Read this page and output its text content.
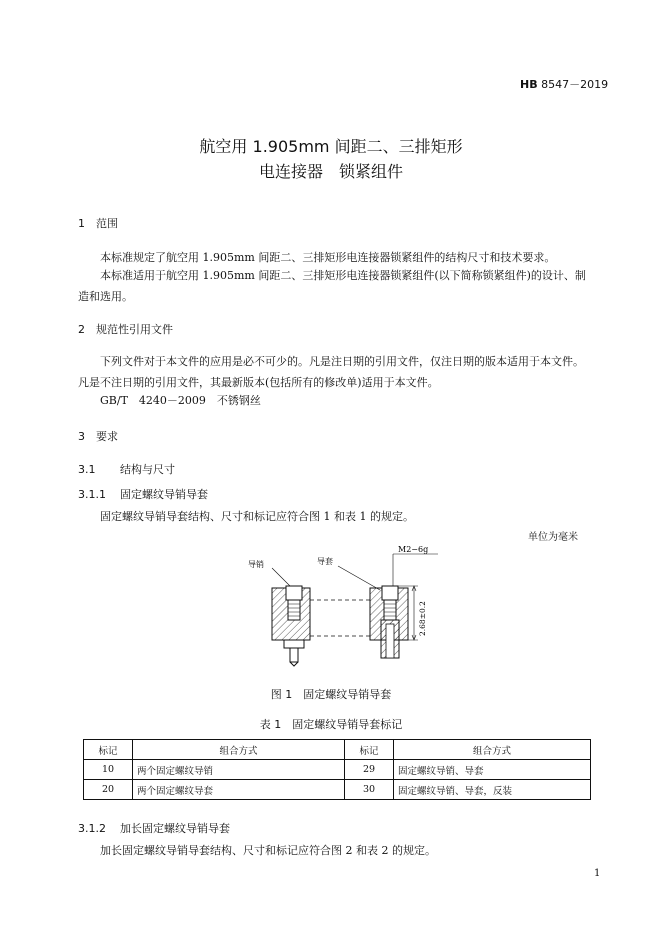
HB 8547－2019
航空用 1.905mm 间距二、三排矩形
电连接器　锁紧组件
1 范围
本标准规定了航空用 1.905mm 间距二、三排矩形电连接器锁紧组件的结构尺寸和技术要求。
本标准适用于航空用 1.905mm 间距二、三排矩形电连接器锁紧组件(以下简称锁紧组件)的设计、制造和选用。
2 规范性引用文件
下列文件对于本文件的应用是必不可少的。凡是注日期的引用文件，仅注日期的版本适用于本文件。凡是不注日期的引用文件，其最新版本(包括所有的修改单)适用于本文件。
GB/T　4240－2009　不锈钢丝
3 要求
3.1 结构与尺寸
3.1.1 固定螺纹导销导套
固定螺纹导销导套结构、尺寸和标记应符合图 1 和表 1 的规定。
单位为毫米
导销	导套
M2−6g
2.68±0.2
图 1　固定螺纹导销导套
表 1　固定螺纹导销导套标记
标记	组合方式	标记	组合方式
10	两个固定螺纹导销	29	固定螺纹导销、导套
20	两个固定螺纹导套	30	固定螺纹导销、导套，反装
3.1.2 加长固定螺纹导销导套
加长固定螺纹导销导套结构、尺寸和标记应符合图 2 和表 2 的规定。
1
